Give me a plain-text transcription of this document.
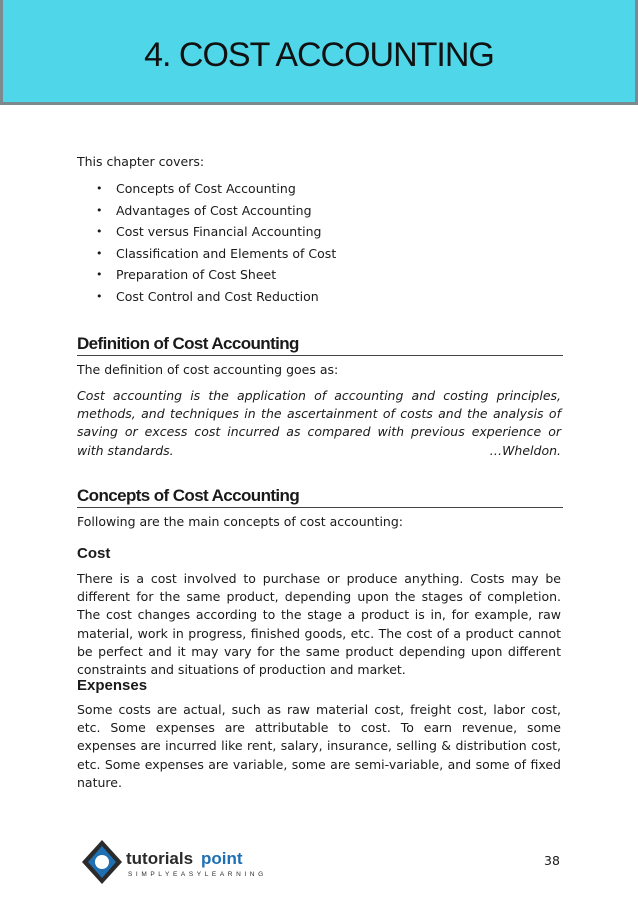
4. COST ACCOUNTING
This chapter covers:
• Concepts of Cost Accounting
• Advantages of Cost Accounting
• Cost versus Financial Accounting
• Classification and Elements of Cost
• Preparation of Cost Sheet
• Cost Control and Cost Reduction
Definition of Cost Accounting
The definition of cost accounting goes as:
Cost accounting is the application of accounting and costing principles, methods, and techniques in the ascertainment of costs and the analysis of saving or excess cost incurred as compared with previous experience or with standards.	…Wheldon.
Concepts of Cost Accounting
Following are the main concepts of cost accounting:
Cost
There is a cost involved to purchase or produce anything. Costs may be different for the same product, depending upon the stages of completion. The cost changes according to the stage a product is in, for example, raw material, work in progress, finished goods, etc. The cost of a product cannot be perfect and it may vary for the same product depending upon different constraints and situations of production and market.
Expenses
Some costs are actual, such as raw material cost, freight cost, labor cost, etc. Some expenses are attributable to cost. To earn revenue, some expenses are incurred like rent, salary, insurance, selling & distribution cost, etc. Some expenses are variable, some are semi-variable, and some of fixed nature.
tutorials point
SIMPLYEASYLEARNING
38
